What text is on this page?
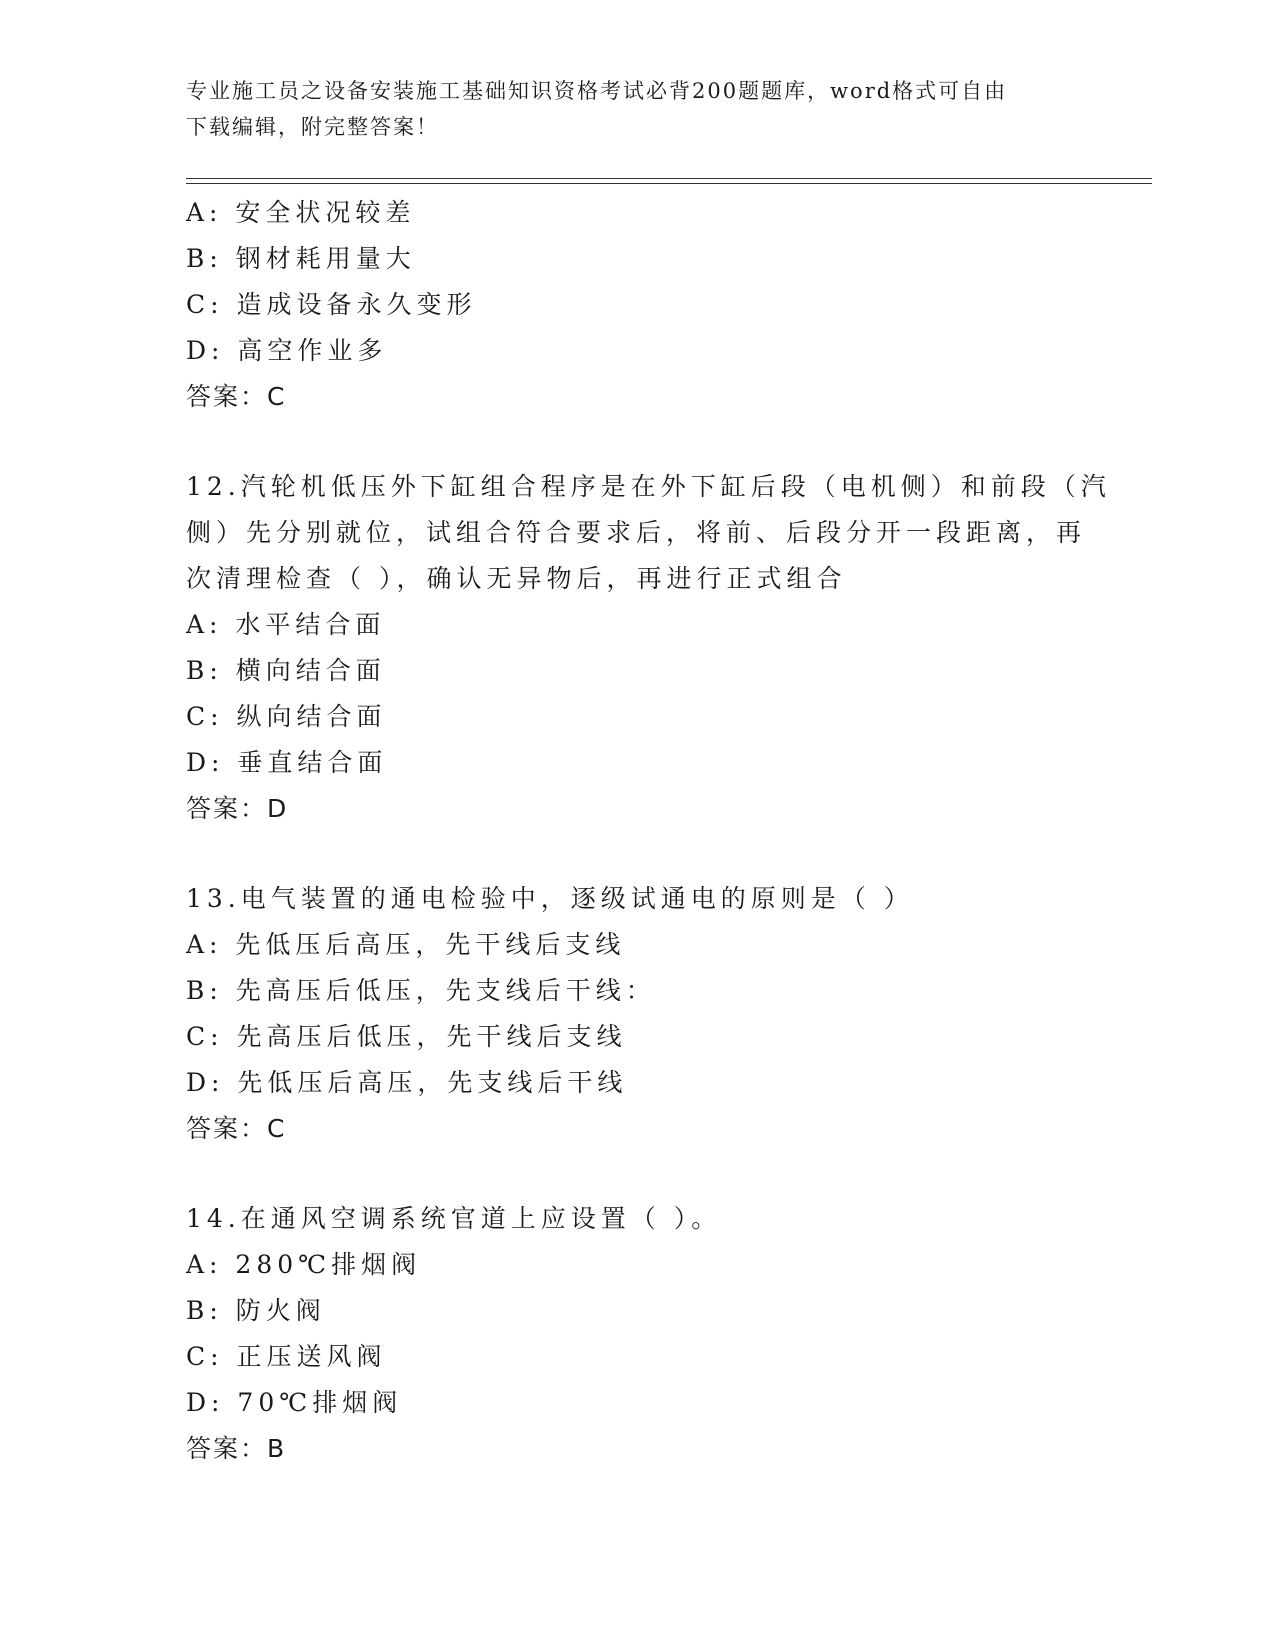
专业施工员之设备安装施工基础知识资格考试必背200题题库，word格式可自由
下载编辑，附完整答案！
A: 安全状况较差
B: 钢材耗用量大
C: 造成设备永久变形
D: 高空作业多
答案：C
12.汽轮机低压外下缸组合程序是在外下缸后段（电机侧）和前段（汽
侧）先分别就位，试组合符合要求后，将前、后段分开一段距离，再
次清理检查（ ），确认无异物后，再进行正式组合
A: 水平结合面
B: 横向结合面
C: 纵向结合面
D: 垂直结合面
答案：D
13.电气装置的通电检验中，逐级试通电的原则是（ ）
A: 先低压后高压，先干线后支线
B: 先高压后低压，先支线后干线：
C: 先高压后低压，先干线后支线
D: 先低压后高压，先支线后干线
答案：C
14.在通风空调系统官道上应设置（ ）。
A: 280℃排烟阀
B: 防火阀
C: 正压送风阀
D: 70℃排烟阀
答案：B
